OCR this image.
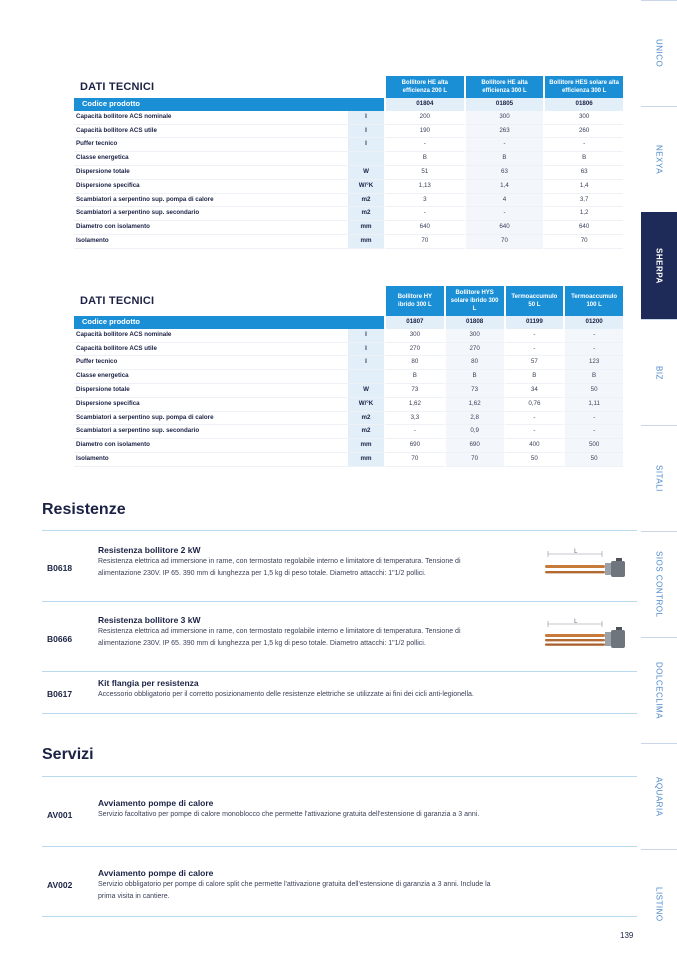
DATI TECNICI		Bollitore HE alta efficienza 200 L	Bollitore HE alta efficienza 300 L	Bollitore HES solare alta efficienza 300 L
Codice prodotto		01804	01805	01806
Capacità bollitore ACS nominale	l	200	300	300
Capacità bollitore ACS utile	l	190	263	260
Puffer tecnico	l	-	-	-
Classe energetica		B	B	B
Dispersione totale	W	51	63	63
Dispersione specifica	W/°K	1,13	1,4	1,4
Scambiatori a serpentino sup. pompa di calore	m2	3	4	3,7
Scambiatori a serpentino sup. secondario	m2	-	-	1,2
Diametro con isolamento	mm	640	640	640
Isolamento	mm	70	70	70
DATI TECNICI		Bollitore HY ibrido 300 L	Bollitore HYS solare ibrido 300 L	Termoaccumulo 50 L	Termoaccumulo 100 L
Codice prodotto		01807	01808	01199	01200
Capacità bollitore ACS nominale	l	300	300	-	-
Capacità bollitore ACS utile	l	270	270	-	-
Puffer tecnico	l	80	80	57	123
Classe energetica		B	B	B	B
Dispersione totale	W	73	73	34	50
Dispersione specifica	W/°K	1,62	1,62	0,76	1,11
Scambiatori a serpentino sup. pompa di calore	m2	3,3	2,8	-	-
Scambiatori a serpentino sup. secondario	m2	-	0,9	-	-
Diametro con isolamento	mm	690	690	400	500
Isolamento	mm	70	70	50	50
Resistenze
B0618
Resistenza bollitore 2 kW
Resistenza elettrica ad immersione in rame, con termostato regolabile interno e limitatore di temperatura. Tensione di alimentazione 230V. IP 65. 390 mm di lunghezza per 1,5 kg di peso totale. Diametro attacchi: 1"1/2 pollici.
L
B0666
Resistenza bollitore 3 kW
Resistenza elettrica ad immersione in rame, con termostato regolabile interno e limitatore di temperatura. Tensione di alimentazione 230V. IP 65. 390 mm di lunghezza per 1,5 kg di peso totale. Diametro attacchi: 1"1/2 pollici.
L
B0617
Kit flangia per resistenza
Accessorio obbligatorio per il corretto posizionamento delle resistenze elettriche se utilizzate ai fini dei cicli anti-legionella.
Servizi
AV001
Avviamento pompe di calore
Servizio facoltativo per pompe di calore monoblocco che permette l'attivazione gratuita dell'estensione di garanzia a 3 anni.
AV002
Avviamento pompe di calore
Servizio obbligatorio per pompe di calore split che permette l'attivazione gratuita dell'estensione di garanzia a 3 anni. Include la prima visita in cantiere.
UNICO
NEXYA
SHERPA
BIZ
SITALI
SIOS CONTROL
DOLCECLIMA
AQUARIA
LISTINO
139
